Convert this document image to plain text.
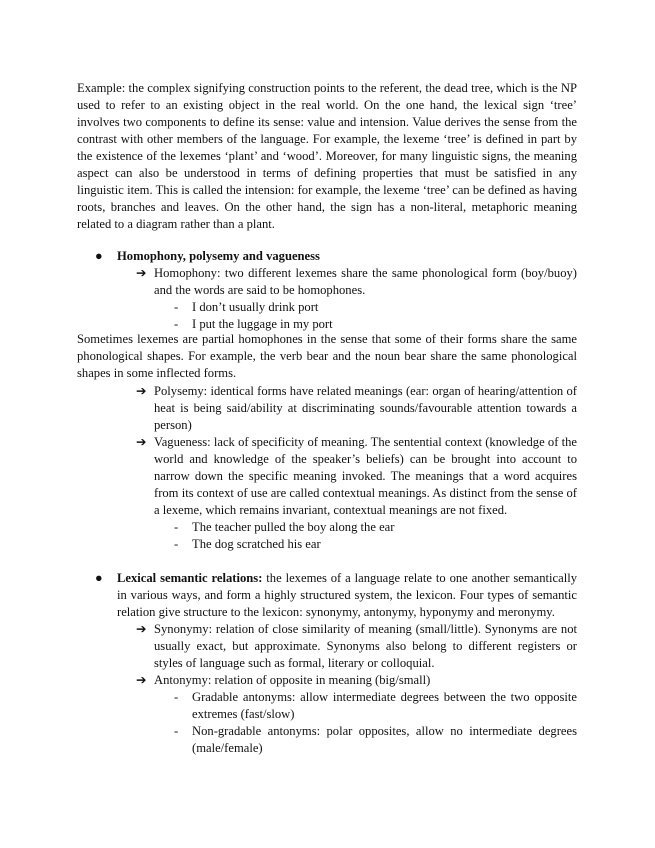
Example: the complex signifying construction points to the referent, the dead tree, which is the NP used to refer to an existing object in the real world. On the one hand, the lexical sign ‘tree’ involves two components to define its sense: value and intension. Value derives the sense from the contrast with other members of the language. For example, the lexeme ‘tree’ is defined in part by the existence of the lexemes ‘plant’ and ‘wood’. Moreover, for many linguistic signs, the meaning aspect can also be understood in terms of defining properties that must be satisfied in any linguistic item. This is called the intension: for example, the lexeme ‘tree’ can be defined as having roots, branches and leaves. On the other hand, the sign has a non-literal, metaphoric meaning related to a diagram rather than a plant.

●	Homophony, polysemy and vagueness
➔ Homophony: two different lexemes share the same phonological form (boy/buoy) and the words are said to be homophones.
-	I don’t usually drink port
-	I put the luggage in my port

Sometimes lexemes are partial homophones in the sense that some of their forms share the same phonological shapes. For example, the verb bear and the noun bear share the same phonological shapes in some inflected forms.

➔ Polysemy: identical forms have related meanings (ear: organ of hearing/attention of heat is being said/ability at discriminating sounds/favourable attention towards a person)
➔ Vagueness: lack of specificity of meaning. The sentential context (knowledge of the world and knowledge of the speaker’s beliefs) can be brought into account to narrow down the specific meaning invoked. The meanings that a word acquires from its context of use are called contextual meanings. As distinct from the sense of a lexeme, which remains invariant, contextual meanings are not fixed.
-	The teacher pulled the boy along the ear
-	The dog scratched his ear
●	Lexical semantic relations: the lexemes of a language relate to one another semantically in various ways, and form a highly structured system, the lexicon. Four types of semantic relation give structure to the lexicon: synonymy, antonymy, hyponymy and meronymy.
➔ Synonymy: relation of close similarity of meaning (small/little). Synonyms are not usually exact, but approximate. Synonyms also belong to different registers or styles of language such as formal, literary or colloquial.
➔ Antonymy: relation of opposite in meaning (big/small)
-	Gradable antonyms: allow intermediate degrees between the two opposite extremes (fast/slow)
-	Non-gradable antonyms: polar opposites, allow no intermediate degrees (male/female)
